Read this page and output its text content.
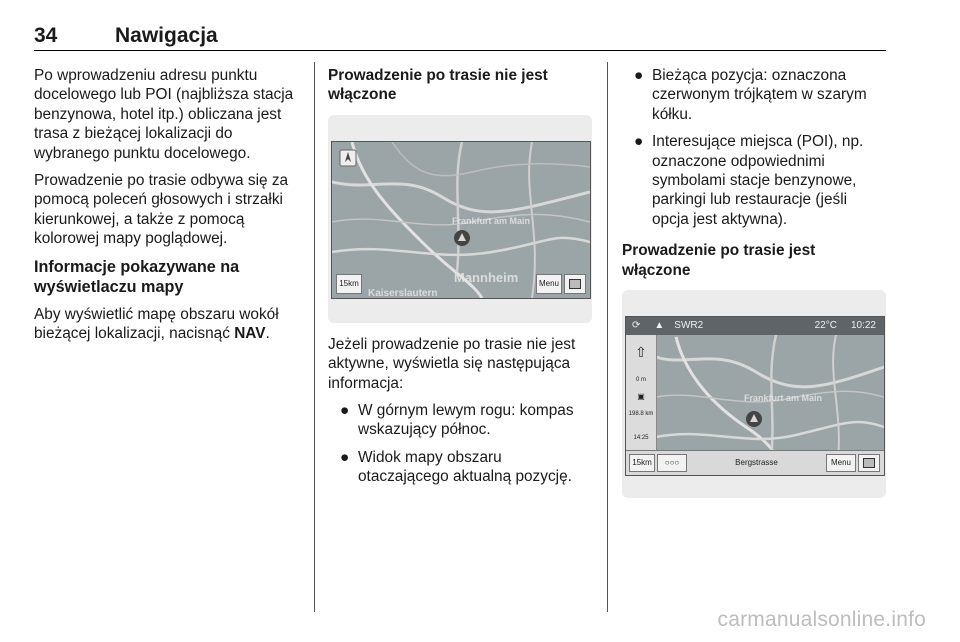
34	Nawigacja

Po wprowadzeniu adresu punktu docelowego lub POI (najbliższa stacja benzynowa, hotel itp.) obliczana jest trasa z bieżącej lokalizacji do wybranego punktu docelowego.

Prowadzenie po trasie odbywa się za pomocą poleceń głosowych i strzałki kierunkowej, a także z pomocą kolorowej mapy poglądowej.

Informacje pokazywane na wyświetlaczu mapy

Aby wyświetlić mapę obszaru wokół bieżącej lokalizacji, nacisnąć NAV.

Prowadzenie po trasie nie jest włączone
Frankfurt am Main
Mannheim
Kaiserslautern
15km	Menu

Jeżeli prowadzenie po trasie nie jest aktywne, wyświetla się następująca informacja:

● W górnym lewym rogu: kompas wskazujący północ.
● Widok mapy obszaru otaczającego aktualną pozycję.
● Bieżąca pozycja: oznaczona czerwonym trójkątem w szarym kółku.
● Interesujące miejsca (POI), np. oznaczone odpowiednimi symbolami stacje benzynowe, parkingi lub restauracje (jeśli opcja jest aktywna).
Prowadzenie po trasie jest włączone
⟳ ▲ SWR2	22°C 10:22
⇧
0 m
▣
198.8 km
14:25
Frankfurt am Main
15km	○○○	Bergstrasse	Menu
carmanualsonline.info
